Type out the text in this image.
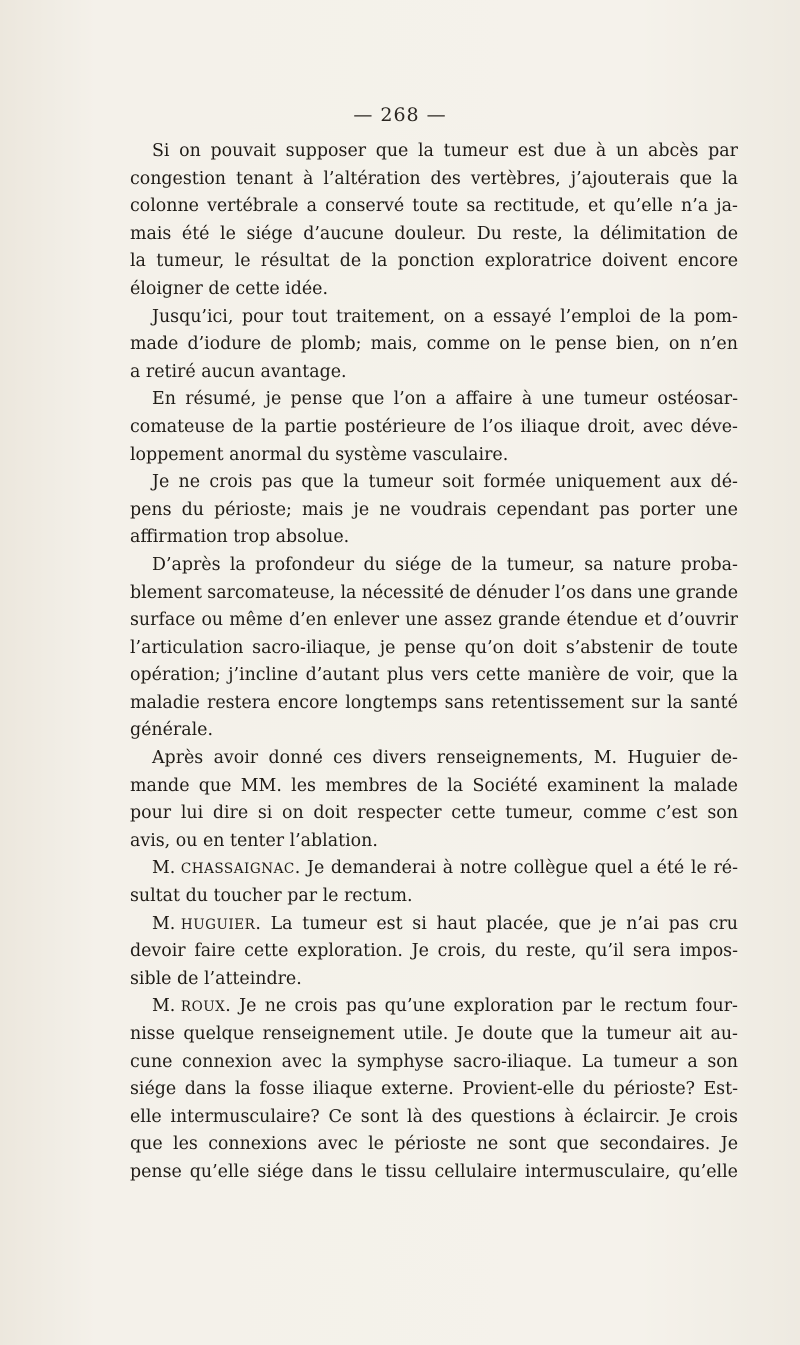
— 268 —
Si on pouvait supposer que la tumeur est due à un abcès par
congestion tenant à l’altération des vertèbres, j’ajouterais que la
colonne vertébrale a conservé toute sa rectitude, et qu’elle n’a ja-
mais été le siége d’aucune douleur. Du reste, la délimitation de
la tumeur, le résultat de la ponction exploratrice doivent encore
éloigner
de
cette
idée.
Jusqu’ici, pour tout traitement, on a essayé l’emploi de la pom-
made d’iodure de plomb; mais, comme on le pense bien, on n’en
a
retiré
aucun
avantage.
En résumé, je pense que l’on a affaire à une tumeur ostéosar-
comateuse de la partie postérieure de l’os iliaque droit, avec déve-
loppement
anormal
du
système
vasculaire.
Je ne crois pas que la tumeur soit formée uniquement aux dé-
pens du périoste; mais je ne voudrais cependant pas porter une
affirmation
trop
absolue.
D’après la profondeur du siége de la tumeur, sa nature proba-
blement sarcomateuse, la nécessité de dénuder l’os dans une grande
surface ou même d’en enlever une assez grande étendue et d’ouvrir
l’articulation sacro-iliaque, je pense qu’on doit s’abstenir de toute
opération; j’incline d’autant plus vers cette manière de voir, que la
maladie restera encore longtemps sans retentissement sur la santé
générale.
Après avoir donné ces divers renseignements, M. Huguier de-
mande que MM. les membres de la Société examinent la malade
pour lui dire si on doit respecter cette tumeur, comme c’est son
avis,
ou
en
tenter
l’ablation.
M. CHASSAIGNAC. Je demanderai à notre collègue quel a été le ré-
sultat
du
toucher
par
le
rectum.
M. HUGUIER. La tumeur est si haut placée, que je n’ai pas cru
devoir faire cette exploration. Je crois, du reste, qu’il sera impos-
sible
de
l’atteindre.
M. ROUX. Je ne crois pas qu’une exploration par le rectum four-
nisse quelque renseignement utile. Je doute que la tumeur ait au-
cune connexion avec la symphyse sacro-iliaque. La tumeur a son
siége dans la fosse iliaque externe. Provient-elle du périoste? Est-
elle intermusculaire? Ce sont là des questions à éclaircir. Je crois
que les connexions avec le périoste ne sont que secondaires. Je
pense qu’elle siége dans le tissu cellulaire intermusculaire, qu’elle
